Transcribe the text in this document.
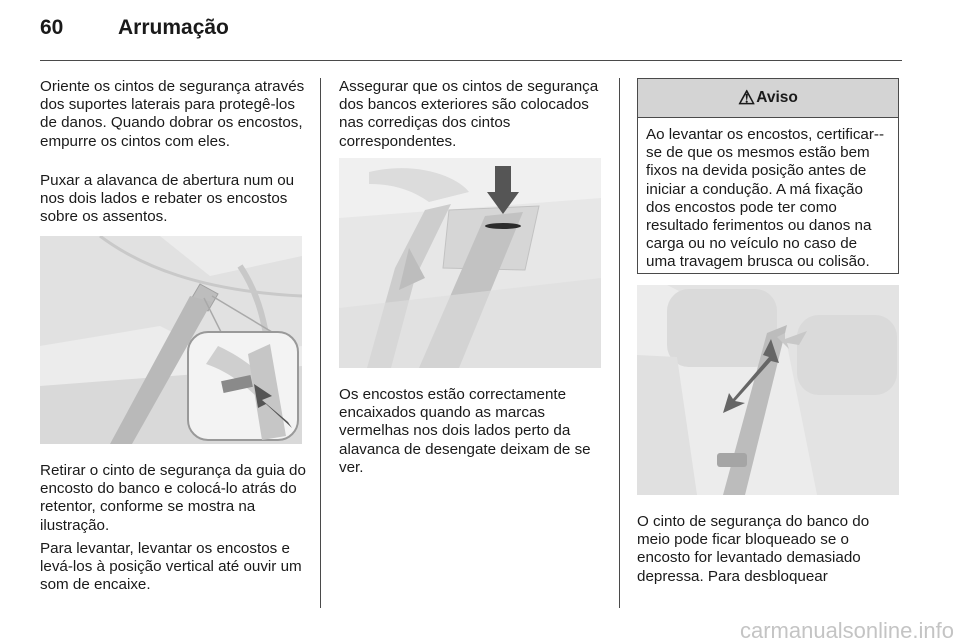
60	Arrumação

Oriente os cintos de segurança através dos suportes laterais para protegê-los de danos. Quando dobrar os encostos, empurre os cintos com eles.

Puxar a alavanca de abertura num ou nos dois lados e rebater os encostos sobre os assentos.

Retirar o cinto de segurança da guia do encosto do banco e colocá-lo atrás do retentor, conforme se mostra na ilustração.

Para levantar, levantar os encostos e levá-los à posição vertical até ouvir um som de encaixe.

Assegurar que os cintos de segurança dos bancos exteriores são colocados nas corrediças dos cintos correspondentes.

Os encostos estão correctamente encaixados quando as marcas vermelhas nos dois lados perto da alavanca de desengate deixam de se ver.

⚠ Aviso
Ao levantar os encostos, certificar--se de que os mesmos estão bem fixos na devida posição antes de iniciar a condução. A má fixação dos encostos pode ter como resultado ferimentos ou danos na carga ou no veículo no caso de uma travagem brusca ou colisão.

O cinto de segurança do banco do meio pode ficar bloqueado se o encosto for levantado demasiado depressa. Para desbloquear

carmanualsonline.info
